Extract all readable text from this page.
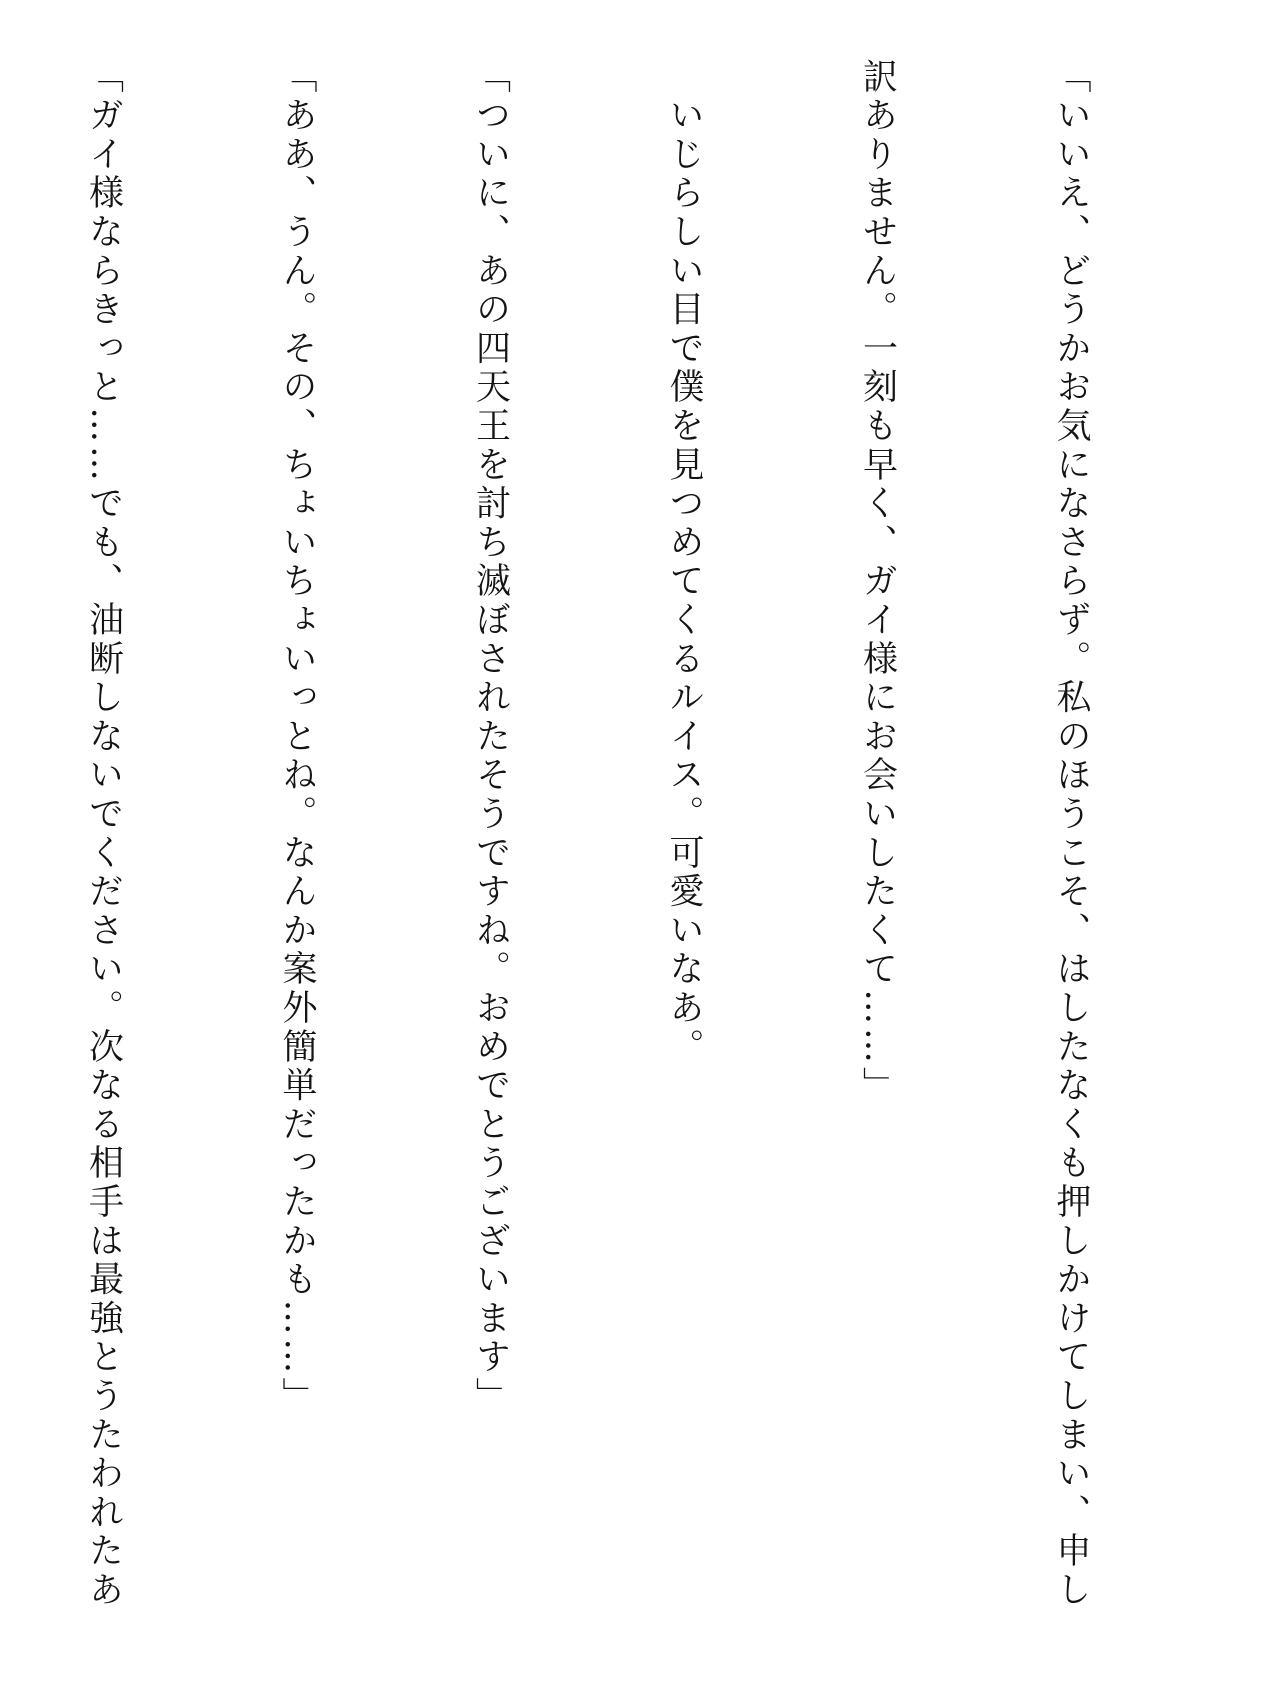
「いいえ、どうかお気になさらず。私のほうこそ、はしたなくも押しかけてしまい、申し

訳ありません。一刻も早く、ガイ様にお会いしたくて……」

　いじらしい目で僕を見つめてくるルイス。可愛いなあ。

「ついに、あの四天王を討ち滅ぼされたそうですね。おめでとうございます」

「ああ、うん。その、ちょいちょいっとね。なんか案外簡単だったかも……」

「ガイ様ならきっと……でも、油断しないでください。次なる相手は最強とうたわれたあ
